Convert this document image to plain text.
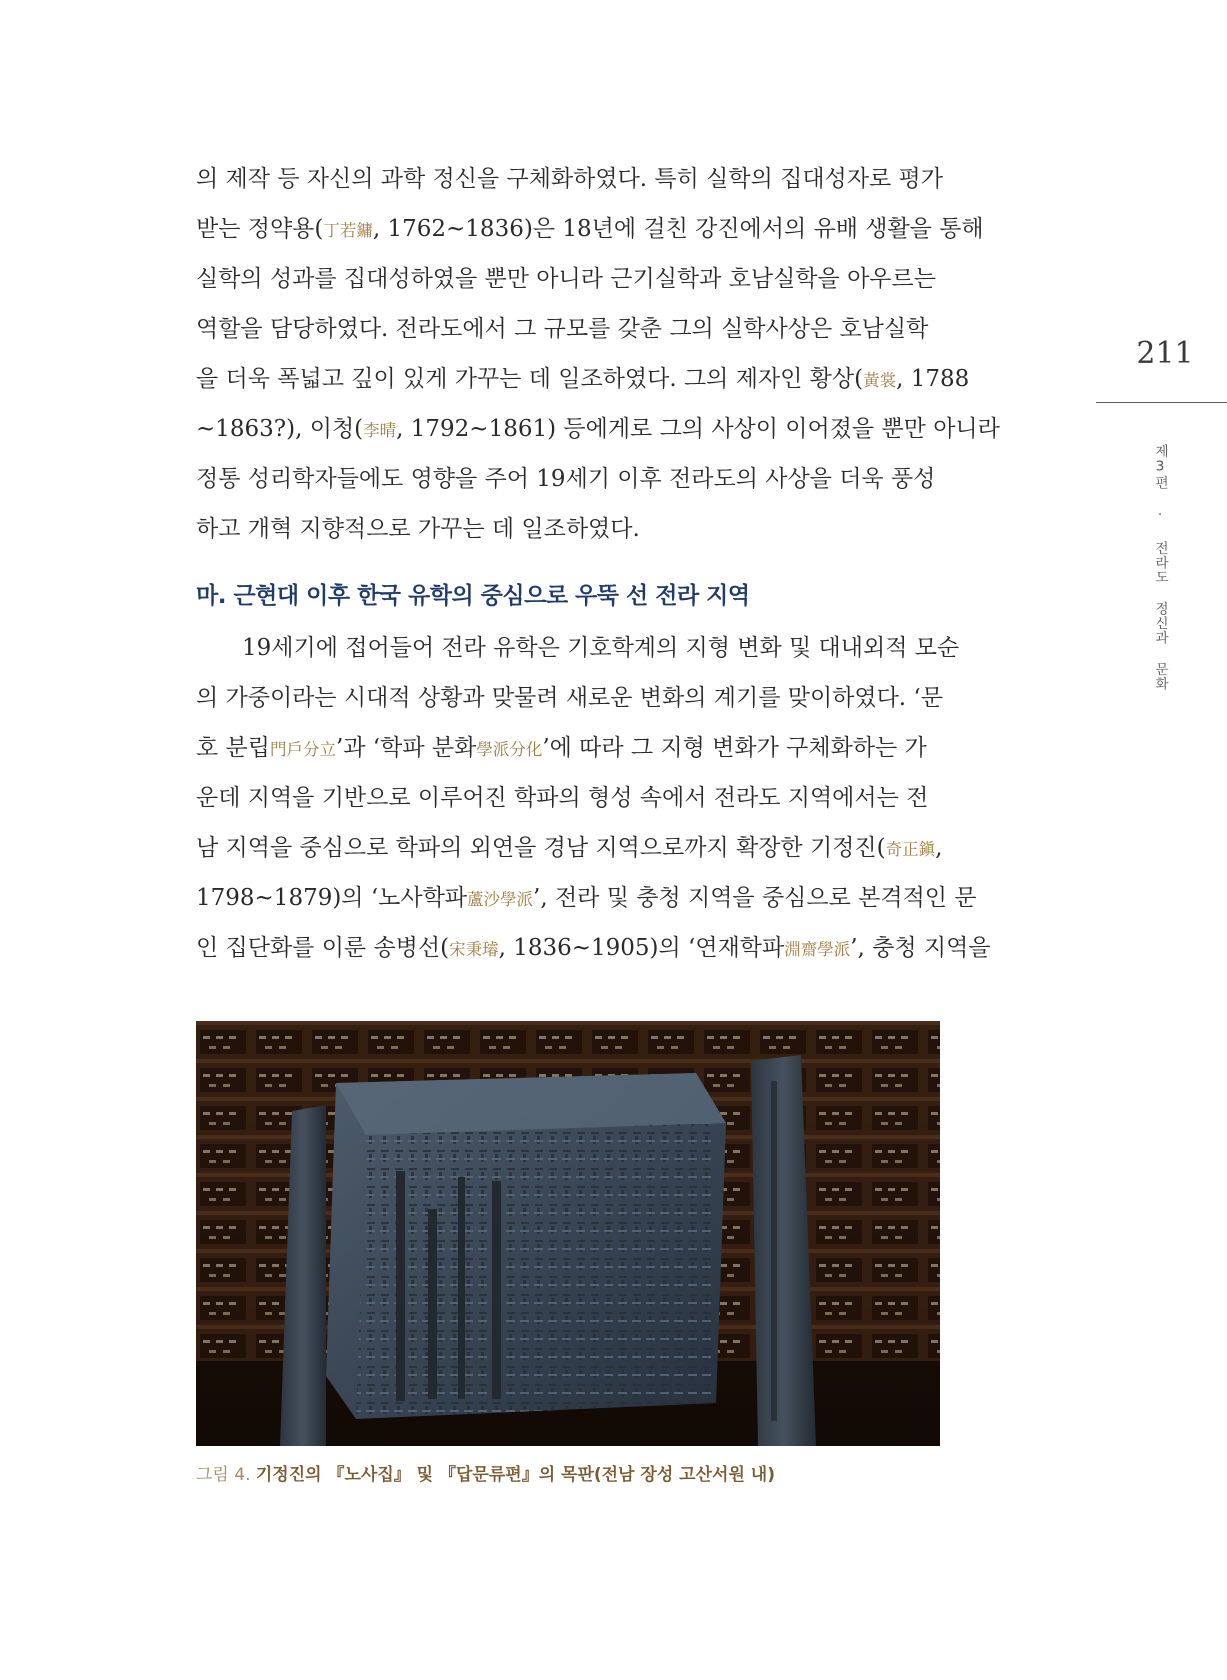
211
제3편 · 전라도 정신과 문화

의 제작 등 자신의 과학 정신을 구체화하였다. 특히 실학의 집대성자로 평가
받는 정약용(丁若鏞, 1762~1836)은 18년에 걸친 강진에서의 유배 생활을 통해
실학의 성과를 집대성하였을 뿐만 아니라 근기실학과 호남실학을 아우르는
역할을 담당하였다. 전라도에서 그 규모를 갖춘 그의 실학사상은 호남실학
을 더욱 폭넓고 깊이 있게 가꾸는 데 일조하였다. 그의 제자인 황상(黃裳, 1788
~1863?), 이청(李晴, 1792~1861) 등에게로 그의 사상이 이어졌을 뿐만 아니라
정통 성리학자들에도 영향을 주어 19세기 이후 전라도의 사상을 더욱 풍성
하고 개혁 지향적으로 가꾸는 데 일조하였다.

마. 근현대 이후 한국 유학의 중심으로 우뚝 선 전라 지역

19세기에 접어들어 전라 유학은 기호학계의 지형 변화 및 대내외적 모순
의 가중이라는 시대적 상황과 맞물려 새로운 변화의 계기를 맞이하였다. ‘문
호 분립門戶分立’과 ‘학파 분화學派分化’에 따라 그 지형 변화가 구체화하는 가
운데 지역을 기반으로 이루어진 학파의 형성 속에서 전라도 지역에서는 전
남 지역을 중심으로 학파의 외연을 경남 지역으로까지 확장한 기정진(奇正鎭,
1798~1879)의 ‘노사학파蘆沙學派’, 전라 및 충청 지역을 중심으로 본격적인 문
인 집단화를 이룬 송병선(宋秉璿, 1836~1905)의 ‘연재학파淵齋學派’, 충청 지역을

그림 4. 기정진의 『노사집』 및 『답문류편』의 목판(전남 장성 고산서원 내)
